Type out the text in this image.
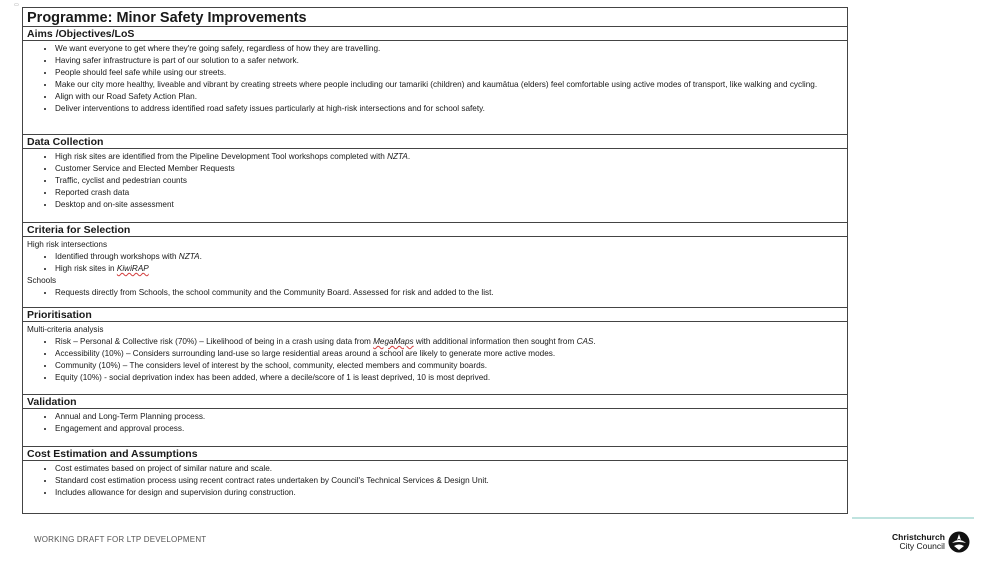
▭
Programme: Minor Safety Improvements
Aims /Objectives/LoS
• We want everyone to get where they're going safely, regardless of how they are travelling.
• Having safer infrastructure is part of our solution to a safer network.
• People should feel safe while using our streets.
• Make our city more healthy, liveable and vibrant by creating streets where people including our tamariki (children) and kaumātua (elders) feel comfortable using active modes of transport, like walking and cycling.
• Align with our Road Safety Action Plan.
• Deliver interventions to address identified road safety issues particularly at high-risk intersections and for school safety.
Data Collection
• High risk sites are identified from the Pipeline Development Tool workshops completed with NZTA.
• Customer Service and Elected Member Requests
• Traffic, cyclist and pedestrian counts
• Reported crash data
• Desktop and on-site assessment
Criteria for Selection

High risk intersections

• Identified through workshops with NZTA.
• High risk sites in KiwiRAP

Schools

• Requests directly from Schools, the school community and the Community Board. Assessed for risk and added to the list.
Prioritisation

Multi-criteria analysis

• Risk – Personal & Collective risk (70%) – Likelihood of being in a crash using data from MegaMaps with additional information then sought from CAS.
• Accessibility (10%) – Considers surrounding land-use so large residential areas around a school are likely to generate more active modes.
• Community (10%) – The considers level of interest by the school, community, elected members and community boards.
• Equity (10%) - social deprivation index has been added, where a decile/score of 1 is least deprived, 10 is most deprived.
Validation
• Annual and Long-Term Planning process.
• Engagement and approval process.
Cost Estimation and Assumptions
• Cost estimates based on project of similar nature and scale.
• Standard cost estimation process using recent contract rates undertaken by Council's Technical Services & Design Unit.
• Includes allowance for design and supervision during construction.
WORKING DRAFT FOR LTP DEVELOPMENT	Christchurch
City Council
